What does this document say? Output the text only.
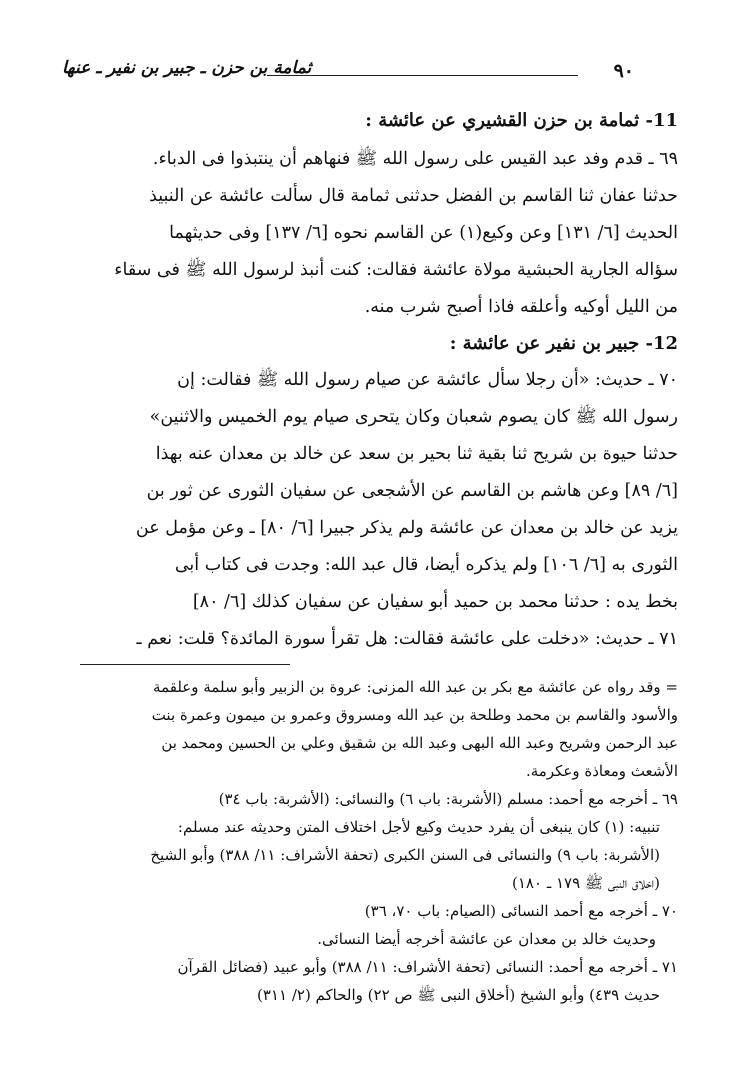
٩٠
ثمامة بن حزن ـ جبير بن نفير ـ عنها
11- ثمامة بن حزن القشيري عن عائشة :
٦٩ ـ قدم وفد عبد القيس على رسول الله ﷺ فنهاهم أن ينتبذوا فى الدباء.
حدثنا عفان ثنا القاسم بن الفضل حدثنى ثمامة قال سألت عائشة عن النبيذ
الحديث [٦/ ١٣١] وعن وكيع(١) عن القاسم نحوه [٦/ ١٣٧] وفى حديثهما
سؤاله الجارية الحبشية مولاة عائشة فقالت: كنت أنبذ لرسول الله ﷺ فى سقاء
من الليل أوكيه وأعلقه فاذا أصبح شرب منه.
12- جبير بن نفير عن عائشة :
٧٠ ـ حديث: «أن رجلا سأل عائشة عن صيام رسول الله ﷺ فقالت: إن
رسول الله ﷺ كان يصوم شعبان وكان يتحرى صيام يوم الخميس والاثنين»
حدثنا حيوة بن شريح ثنا بقية ثنا بحير بن سعد عن خالد بن معدان عنه بهذا
[٦/ ٨٩] وعن هاشم بن القاسم عن الأشجعى عن سفيان الثورى عن ثور بن
يزيد عن خالد بن معدان عن عائشة ولم يذكر جبيرا [٦/ ٨٠] ـ وعن مؤمل عن
الثورى به [٦/ ١٠٦] ولم يذكره أيضا، قال عبد الله: وجدت فى كتاب أبى
بخط يده : حدثنا محمد بن حميد أبو سفيان عن سفيان كذلك [٦/ ٨٠]
٧١ ـ حديث: «دخلت على عائشة فقالت: هل تقرأ سورة المائدة؟ قلت: نعم ـ
= وقد رواه عن عائشة مع بكر بن عبد الله المزنى: عروة بن الزبير وأبو سلمة وعلقمة
والأسود والقاسم بن محمد وطلحة بن عبد الله ومسروق وعمرو بن ميمون وعمرة بنت
عبد الرحمن وشريح وعبد الله البهى وعبد الله بن شقيق وعلي بن الحسين ومحمد بن
الأشعث ومعاذة وعكرمة.
٦٩ ـ أخرجه مع أحمد: مسلم (الأشربة: باب ٦) والنسائى: (الأشربة: باب ٣٤)
تنبيه: (١) كان ينبغى أن يفرد حديث وكيع لأجل اختلاف المتن وحديثه عند مسلم:
(الأشربة: باب ٩) والنسائى فى السنن الكبرى (تحفة الأشراف: ١١/ ٣٨٨) وأبو الشيخ
(اخلاق النبى ﷺ ١٧٩ ـ ١٨٠)
٧٠ ـ أخرجه مع أحمد النسائى (الصيام: باب ٧٠، ٣٦)
وحديث خالد بن معدان عن عائشة أخرجه أيضا النسائى.
٧١ ـ أخرجه مع أحمد: النسائى (تحفة الأشراف: ١١/ ٣٨٨) وأبو عبيد (فضائل القرآن
حديث ٤٣٩) وأبو الشيخ (أخلاق النبى ﷺ ص ٢٢) والحاكم (٢/ ٣١١)
